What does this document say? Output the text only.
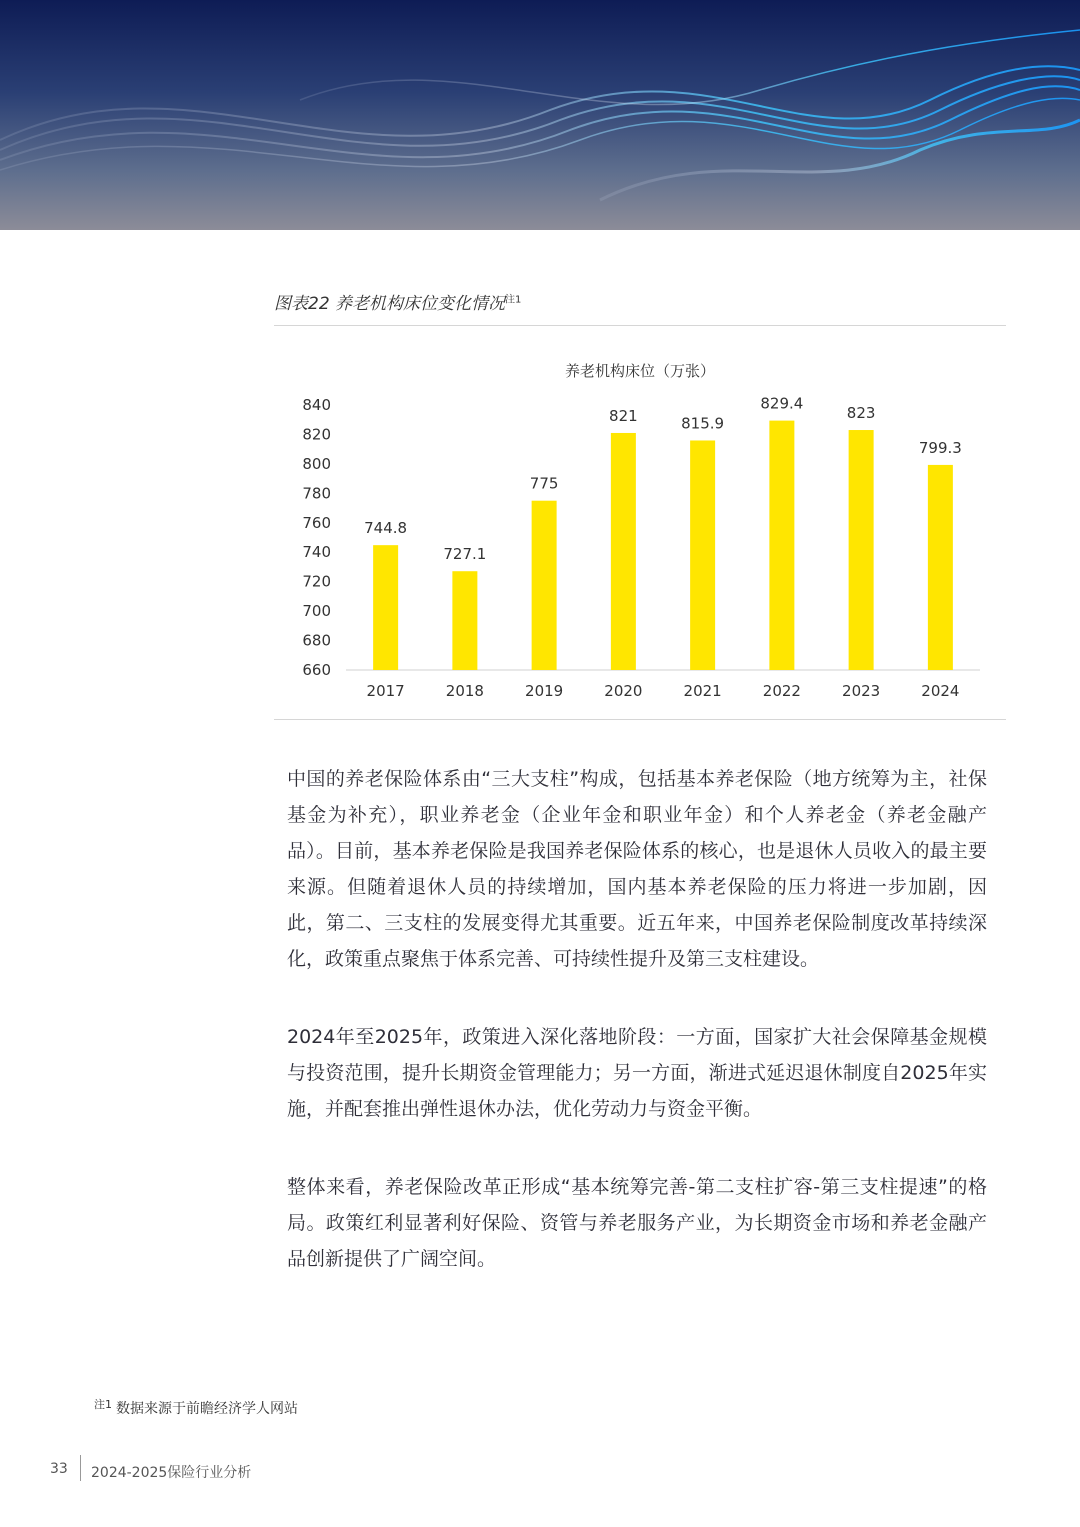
图表22 养老机构床位变化情况$^{注1}$
养老机构床位（万张）
660
680
700
720
740
760
780
800
820
840
2017	2018	2019	2020	2021	2022	2023	2024
744.8
727.1
775
821	815.9
829.4
823
799.3

中国的养老保险体系由“三大支柱”构成，包括基本养老保险（地方统筹为主，社保基金为补充），职业养老金（企业年金和职业年金）和个人养老金（养老金融产品）。目前，基本养老保险是我国养老保险体系的核心，也是退休人员收入的最主要来源。但随着退休人员的持续增加，国内基本养老保险的压力将进一步加剧，因此，第二、三支柱的发展变得尤其重要。近五年来，中国养老保险制度改革持续深化，政策重点聚焦于体系完善、可持续性提升及第三支柱建设。

2024年至2025年，政策进入深化落地阶段：一方面，国家扩大社会保障基金规模与投资范围，提升长期资金管理能力；另一方面，渐进式延迟退休制度自2025年实施，并配套推出弹性退休办法，优化劳动力与资金平衡。

整体来看，养老保险改革正形成“基本统筹完善-第二支柱扩容-第三支柱提速”的格局。政策红利显著利好保险、资管与养老服务产业，为长期资金市场和养老金融产品创新提供了广阔空间。

$^{注1}$ 数据来源于前瞻经济学人网站
33 2024-2025保险行业分析
